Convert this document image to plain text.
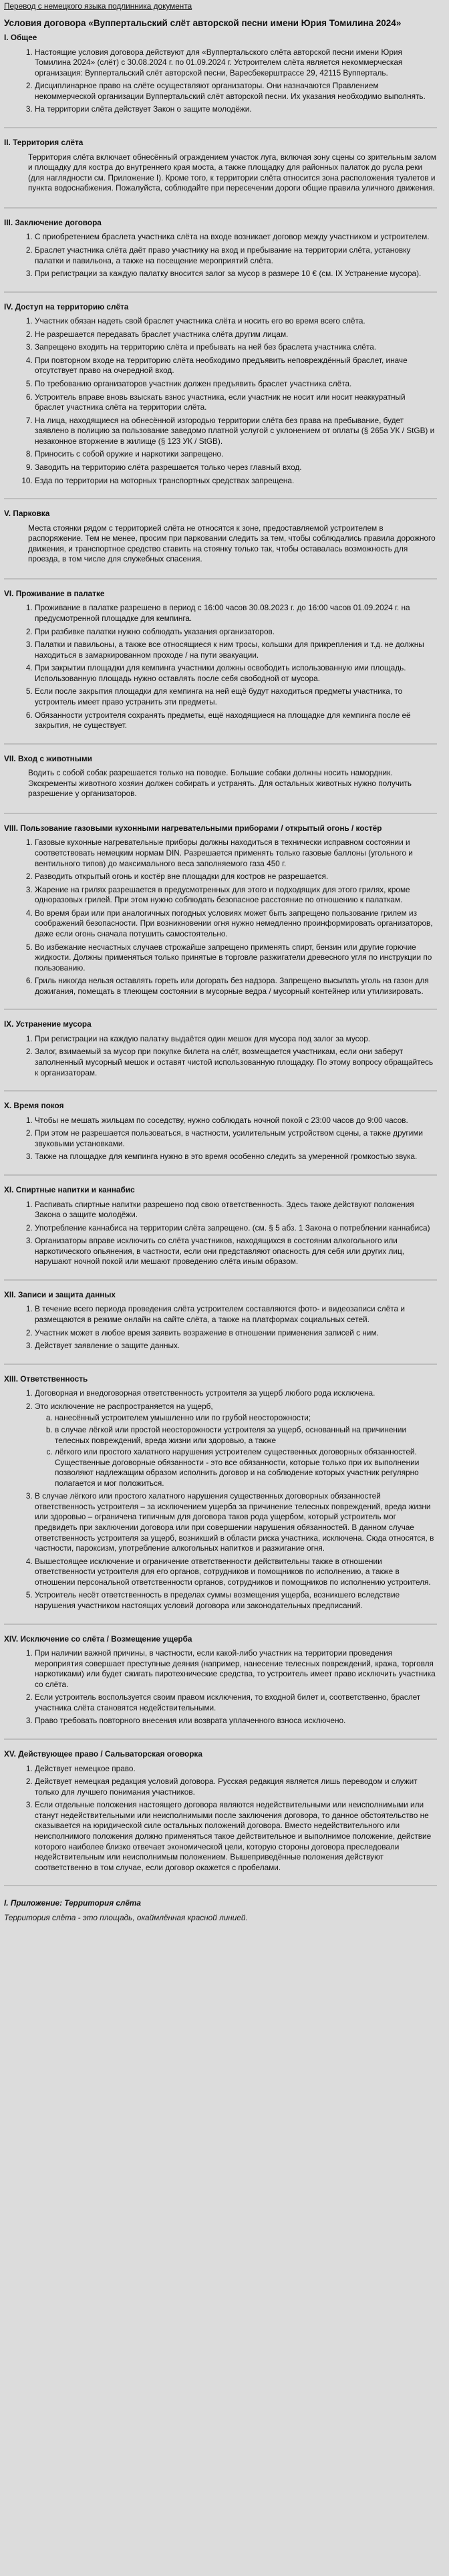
Перевод с немецкого языка подлинника документа
Условия договора «Вуппертальский слёт авторской песни имени Юрия Томилина 2024»
I. Общее
1. Настоящие условия договора действуют для «Вуппертальского слёта авторской песни имени Юрия Томилина 2024» (слёт) с 30.08.2024 г. по 01.09.2024 г. Устроителем слёта является некоммерческая организация: Вуппертальский слёт авторской песни, Вареcбекерштрассе 29, 42115 Вупперталь.
2. Дисциплинарное право на слёте осуществляют организаторы. Они назначаются Правлением некоммерческой организации Вуппертальский слёт авторской песни. Их указания необходимо выполнять.
3. На территории слёта действует Закон о защите молодёжи.
II. Территория слёта

Территория слёта включает обнесённый ограждением участок луга, включая зону сцены со зрительным залом и площадку для костра до внутреннего края моста, а также площадку для районных палаток до русла реки (для наглядности см. Приложение I). Кроме того, к территории слёта относится зона расположения туалетов и пункта водоснабжения. Пожалуйста, соблюдайте при пересечении дороги общие правила уличного движения.

III. Заключение договора
1. С приобретением браслета участника слёта на входе возникает договор между участником и устроителем.
2. Браслет участника слёта даёт право участнику на вход и пребывание на территории слёта, установку палатки и павильона, а также на посещение мероприятий слёта.
3. При регистрации за каждую палатку вносится залог за мусор в размере 10 € (см. IX Устранение мусора).
IV. Доступ на территорию слёта
1. Участник обязан надеть свой браслет участника слёта и носить его во время всего слёта.
2. Не разрешается передавать браслет участника слёта другим лицам.
3. Запрещено входить на территорию слёта и пребывать на ней без браслета участника слёта.
4. При повторном входе на территорию слёта необходимо предъявить неповреждённый браслет, иначе отсутствует право на очередной вход.
5. По требованию организаторов участник должен предъявить браслет участника слёта.
6. Устроитель вправе вновь взыскать взнос участника, если участник не носит или носит неаккуратный браслет участника слёта на территории слёта.
7. На лица, находящиеся на обнесённой изгородью территории слёта без права на пребывание, будет заявлено в полицию за пользование заведомо платной услугой с уклонением от оплаты (§ 265а УК / StGB) и незаконное вторжение в жилище (§ 123 УК / StGB).
8. Приносить с собой оружие и наркотики запрещено.
9. Заводить на территорию слёта разрешается только через главный вход.
10. Езда по территории на моторных транспортных средствах запрещена.
V. Парковка

Места стоянки рядом с территорией слёта не относятся к зоне, предоставляемой устроителем в распоряжение. Тем не менее, просим при парковании следить за тем, чтобы соблюдались правила дорожного движения, и транспортное средство ставить на стоянку только так, чтобы оставалась возможность для проезда, в том числе для служебных спасения.

VI. Проживание в палатке
1. Проживание в палатке разрешено в период с 16:00 часов 30.08.2023 г. до 16:00 часов 01.09.2024 г. на предусмотренной площадке для кемпинга.
2. При разбивке палатки нужно соблюдать указания организаторов.
3. Палатки и павильоны, а также все относящиеся к ним тросы, кольшки для прикрепления и т.д. не должны находиться в замаркированном проходе / на пути эвакуации.
4. При закрытии площадки для кемпинга участники должны освободить использованную ими площадь. Использованную площадь нужно оставлять после себя свободной от мусора.
5. Если после закрытия площадки для кемпинга на ней ещё будут находиться предметы участника, то устроитель имеет право устранить эти предметы.
6. Обязанности устроителя сохранять предметы, ещё находящиеся на площадке для кемпинга после её закрытия, не существует.
VII. Вход с животными

Водить с собой собак разрешается только на поводке. Большие собаки должны носить намордник. Экскременты животного хозяин должен собирать и устранять. Для остальных животных нужно получить разрешение у организаторов.

VIII. Пользование газовыми кухонными нагревательными приборами / открытый огонь / костёр
1. Газовые кухонные нагревательные приборы должны находиться в технически исправном состоянии и соответствовать немецким нормам DIN. Разрешается применять только газовые баллоны (угольного и вентильного типов) до максимального веса заполняемого газа 450 г.
2. Разводить открытый огонь и костёр вне площадки для костров не разрешается.
3. Жарение на грилях разрешается в предусмотренных для этого и подходящих для этого грилях, кроме одноразовых грилей. При этом нужно соблюдать безопасное расстояние по отношению к палаткам.
4. Во время браи или при аналогичных погодных условиях может быть запрещено пользование грилем из соображений безопасности. При возникновении огня нужно немедленно проинформировать организаторов, даже если огонь сначала потушить самостоятельно.
5. Во избежание несчастных случаев строжайше запрещено применять спирт, бензин или другие горючие жидкости. Должны применяться только принятые в торговле разжигатели древесного угля по инструкции по пользованию.
6. Гриль никогда нельзя оставлять гореть или догорать без надзора. Запрещено высыпать уголь на газон для дожигания, помещать в тлеющем состоянии в мусорные ведра / мусорный контейнер или утилизировать.
IX. Устранение мусора
1. При регистрации на каждую палатку выдаётся один мешок для мусора под залог за мусор.
2. Залог, взимаемый за мусор при покупке билета на слёт, возмещается участникам, если они заберут заполненный мусорный мешок и оставят чистой использованную площадку. По этому вопросу обращайтесь к организаторам.
X. Время покоя
1. Чтобы не мешать жильцам по соседству, нужно соблюдать ночной покой с 23:00 часов до 9:00 часов.
2. При этом не разрешается пользоваться, в частности, усилительным устройством сцены, а также другими звуковыми установками.
3. Также на площадке для кемпинга нужно в это время особенно следить за умеренной громкостью звука.
XI. Спиртные напитки и каннабис
1. Распивать спиртные напитки разрешено под свою ответственность. Здесь также действуют положения Закона о защите молодёжи.
2. Употребление каннабиса на территории слёта запрещено. (см. § 5 абз. 1 Закона о потреблении каннабиса)
3. Организаторы вправе исключить со слёта участников, находящихся в состоянии алкогольного или наркотического опьянения, в частности, если они представляют опасность для себя или других лиц, нарушают ночной покой или мешают проведению слёта иным образом.
XII. Записи и защита данных
1. В течение всего периода проведения слёта устроителем составляются фото- и видеозаписи слёта и размещаются в режиме онлайн на сайте слёта, а также на платформах социальных сетей.
2. Участник может в любое время заявить возражение в отношении применения записей с ним.
3. Действует заявление о защите данных.
XIII. Ответственность
1. Договорная и внедоговорная ответственность устроителя за ущерб любого рода исключена.
2. Это исключение не распространяется на ущерб,
a. нанесённый устроителем умышленно или по грубой неосторожности;
b. в случае лёгкой или простой неосторожности устроителя за ущерб, основанный на причинении телесных повреждений, вреда жизни или здоровью, а также
c. лёгкого или простого халатного нарушения устроителем существенных договорных обязанностей. Существенные договорные обязанности - это все обязанности, которые только при их выполнении позволяют надлежащим образом исполнить договор и на соблюдение которых участник регулярно полагается и мог положиться.
3. В случае лёгкого или простого халатного нарушения существенных договорных обязанностей ответственность устроителя – за исключением ущерба за причинение телесных повреждений, вреда жизни или здоровью – ограничена типичным для договора таков рода ущербом, который устроитель мог предвидеть при заключении договора или при совершении нарушения обязанностей. В данном случае ответственность устроителя за ущерб, возникший в области риска участника, исключена. Сюда относятся, в частности, пароксизм, употребление алкогольных напитков и разжигание огня.
4. Вышестоящее исключение и ограничение ответственности действительны также в отношении ответственности устроителя для его органов, сотрудников и помощников по исполнению, а также в отношении персональной ответственности органов, сотрудников и помощников по исполнению устроителя.
5. Устроитель несёт ответственность в пределах суммы возмещения ущерба, возникшего вследствие нарушения участником настоящих условий договора или законодательных предписаний.
XIV. Исключение со слёта / Возмещение ущерба
1. При наличии важной причины, в частности, если какой-либо участник на территории проведения мероприятия совершает преступные деяния (например, нанесение телесных повреждений, кража, торговля наркотиками) или будет сжигать пиротехнические средства, то устроитель имеет право исключить участника со слёта.
2. Если устроитель воспользуется своим правом исключения, то входной билет и, соответственно, браслет участника слёта становятся недействительными.
3. Право требовать повторного внесения или возврата уплаченного взноса исключено.
XV. Действующее право / Сальваторская оговорка
1. Действует немецкое право.
2. Действует немецкая редакция условий договора. Русская редакция является лишь переводом и служит только для лучшего понимания участников.
3. Если отдельные положения настоящего договора являются недействительными или неисполнимыми или станут недействительными или неисполнимыми после заключения договора, то данное обстоятельство не сказывается на юридической силе остальных положений договора. Вместо недействительного или неисполнимого положения должно применяться такое действительное и выполнимое положение, действие которого наиболее близко отвечает экономической цели, которую стороны договора преследовали недействительным или неисполнимым положением. Вышеприведённые положения действуют соответственно в том случае, если договор окажется с пробелами.
I. Приложение: Территория слёта
Территория слёта - это площадь, окаймлённая красной линией.
